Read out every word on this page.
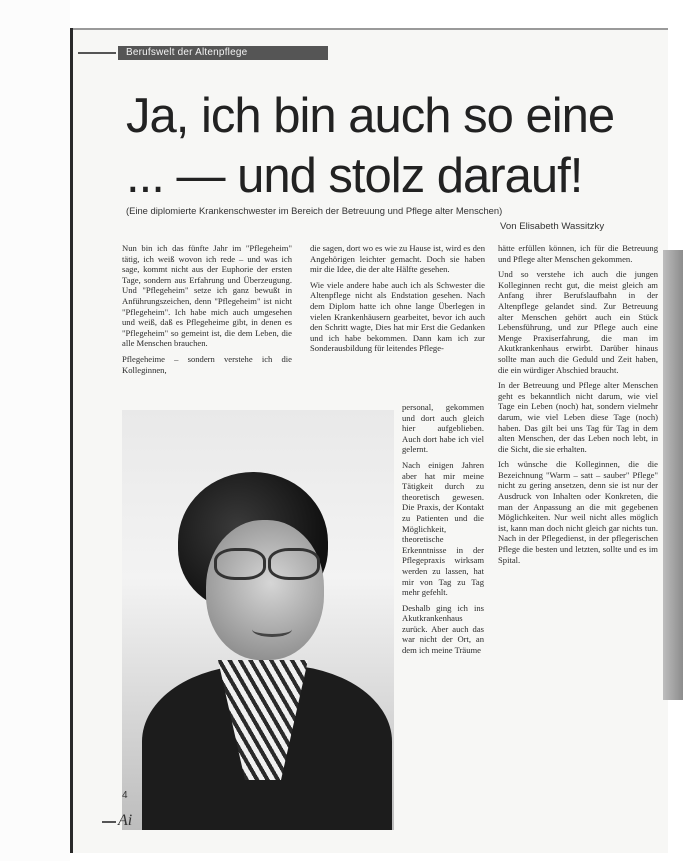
Berufswelt der Altenpflege
Ja, ich bin auch so eine
... — und stolz darauf!
(Eine diplomierte Krankenschwester im Bereich der Betreuung und Pflege alter Menschen)
Von Elisabeth Wassitzky

Nun bin ich das fünfte Jahr im "Pflegeheim" tätig, ich weiß wovon ich rede – und was ich sage, kommt nicht aus der Euphorie der ersten Tage, sondern aus Erfahrung und Überzeugung. Und "Pflegeheim" setze ich ganz bewußt in Anführungszeichen, denn "Pflegeheim" ist nicht "Pflegeheim". Ich habe mich auch umgesehen und weiß, daß es Pflegeheime gibt, in denen es "Pflegeheim" so gemeint ist, die dem Leben, die alle Menschen brauchen.

Pflegeheime – sondern verstehe ich die Kolleginnen,

die sagen, dort wo es wie zu Hause ist, wird es den Angehörigen leichter gemacht. Doch sie haben mir die Idee, die der alte Hälfte gesehen.

Wie viele andere habe auch ich als Schwester die Altenpflege nicht als Endstation gesehen. Nach dem Diplom hatte ich ohne lange Überlegen in vielen Krankenhäusern gearbeitet, bevor ich auch den Schritt wagte, Dies hat mir Erst die Gedanken und ich habe bekommen. Dann kam ich zur Sonderausbildung für leitendes Pflege-

personal, gekommen und dort auch gleich hier aufgeblieben. Auch dort habe ich viel gelernt.

Nach einigen Jahren aber hat mir meine Tätigkeit durch zu theoretisch gewesen. Die Praxis, der Kontakt zu Patienten und die Möglichkeit, theoretische Erkenntnisse in der Pflegepraxis wirksam werden zu lassen, hat mir von Tag zu Tag mehr gefehlt.

Deshalb ging ich ins Akutkrankenhaus zurück. Aber auch das war nicht der Ort, an dem ich meine Träume

hätte erfüllen können, ich für die Betreuung und Pflege alter Menschen gekommen.

Und so verstehe ich auch die jungen Kolleginnen recht gut, die meist gleich am Anfang ihrer Berufslaufbahn in der Altenpflege gelandet sind. Zur Betreuung alter Menschen gehört auch ein Stück Lebensführung, und zur Pflege auch eine Menge Praxiserfahrung, die man im Akutkrankenhaus erwirbt. Darüber hinaus sollte man auch die Geduld und Zeit haben, die ein würdiger Abschied braucht.

In der Betreuung und Pflege alter Menschen geht es bekanntlich nicht darum, wie viel Tage ein Leben (noch) hat, sondern vielmehr darum, wie viel Leben diese Tage (noch) haben. Das gilt bei uns Tag für Tag in dem alten Menschen, der das Leben noch lebt, in die Sicht, die sie erhalten.

Ich wünsche die Kolleginnen, die die Bezeichnung "Warm – satt – sauber" Pflege" nicht zu gering ansetzen, denn sie ist nur der Ausdruck von Inhalten oder Konkreten, die man der Anpassung an die mit gegebenen Möglichkeiten. Nur weil nicht alles möglich ist, kann man doch nicht gleich gar nichts tun. Nach in der Pflegedienst, in der pflegerischen Pflege die besten und letzten, sollte und es im Spital.

4
Ai
